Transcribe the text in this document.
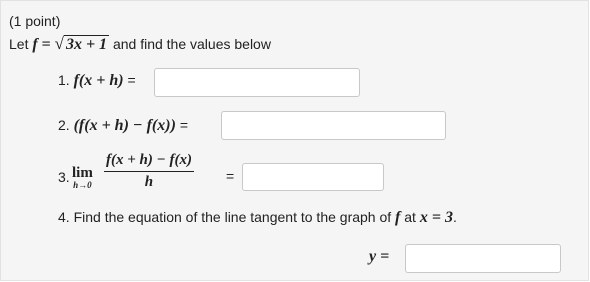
(1 point)
Let f = √ 3x + 1 and find the values below
1. f(x + h) =
2. (f(x + h) − f(x)) =
3. lim
$h\to 0 \frac{f(x + h) - f(x)}{h}$ =
4. Find the equation of the line tangent to the graph of f at x = 3.
y =
